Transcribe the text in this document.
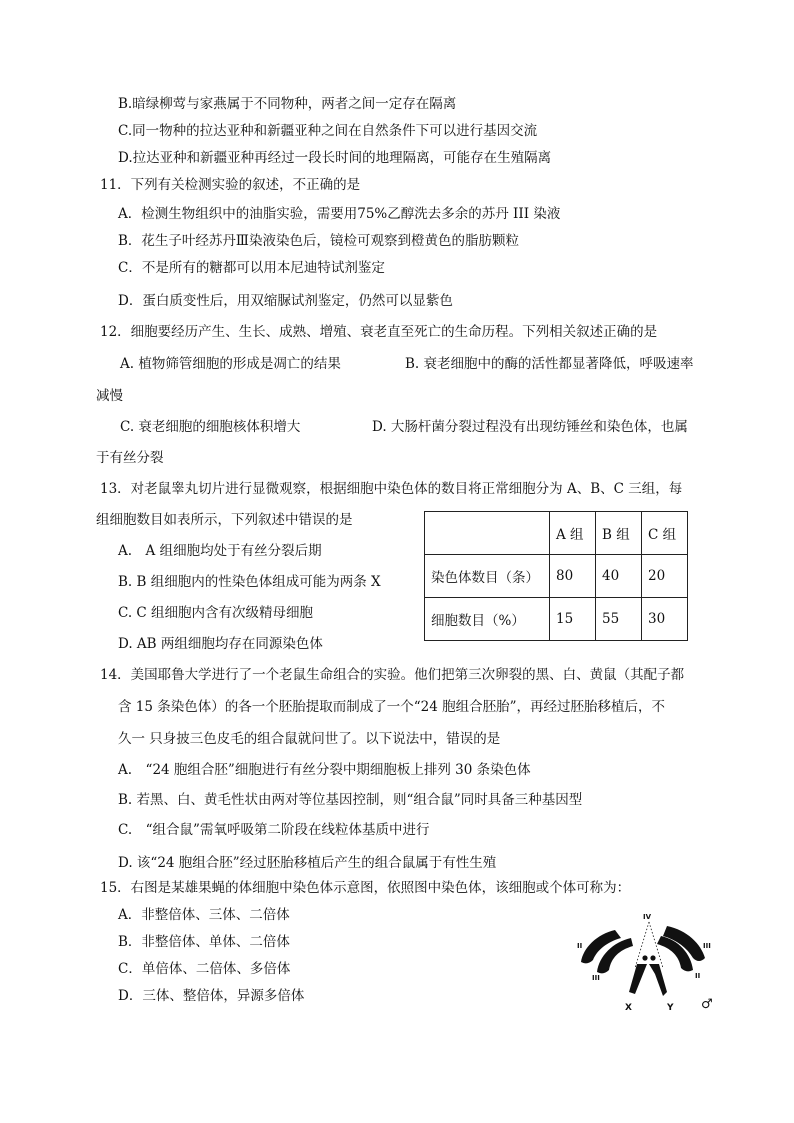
B.暗绿柳莺与家燕属于不同物种，两者之间一定存在隔离
C.同一物种的拉达亚种和新疆亚种之间在自然条件下可以进行基因交流
D.拉达亚种和新疆亚种再经过一段长时间的地理隔离，可能存在生殖隔离
11．下列有关检测实验的叙述，不正确的是
A．检测生物组织中的油脂实验，需要用75%乙醇洗去多余的苏丹 III 染液
B．花生子叶经苏丹Ⅲ染液染色后，镜检可观察到橙黄色的脂肪颗粒
C．不是所有的糖都可以用本尼迪特试剂鉴定
D．蛋白质变性后，用双缩脲试剂鉴定，仍然可以显紫色
12．细胞要经历产生、生长、成熟、增殖、衰老直至死亡的生命历程。下列相关叙述正确的是
A. 植物筛管细胞的形成是凋亡的结果	B. 衰老细胞中的酶的活性都显著降低，呼吸速率
减慢
C. 衰老细胞的细胞核体积增大	D. 大肠杆菌分裂过程没有出现纺锤丝和染色体，也属
于有丝分裂
13．对老鼠睾丸切片进行显微观察，根据细胞中染色体的数目将正常细胞分为 A、B、C 三组，每
组细胞数目如表所示，下列叙述中错误的是
A.　A 组细胞均处于有丝分裂后期
B. B 组细胞内的性染色体组成可能为两条 X
C. C 组细胞内含有次级精母细胞
D. AB 两组细胞均存在同源染色体
	A 组	B 组	C 组
染色体数目（条）	80	40	20
细胞数目（%）	15	55	30
14．美国耶鲁大学进行了一个老鼠生命组合的实验。他们把第三次卵裂的黑、白、黄鼠（其配子都
含 15 条染色体）的各一个胚胎提取而制成了一个“24 胞组合胚胎”，再经过胚胎移植后，不
久一 只身披三色皮毛的组合鼠就问世了。以下说法中，错误的是
A.　“24 胞组合胚”细胞进行有丝分裂中期细胞板上排列 30 条染色体
B. 若黑、白、黄毛性状由两对等位基因控制，则“组合鼠”同时具备三种基因型
C.　“组合鼠”需氧呼吸第二阶段在线粒体基质中进行
D. 该“24 胞组合胚”经过胚胎移植后产生的组合鼠属于有性生殖
15．右图是某雄果蝇的体细胞中染色体示意图，依照图中染色体，该细胞或个体可称为：
A．非整倍体、三体、二倍体
B．非整倍体、单体、二倍体
C．单倍体、二倍体、多倍体
D．三体、整倍体，异源多倍体
IV
II
III
III
II
X	Y ♂
